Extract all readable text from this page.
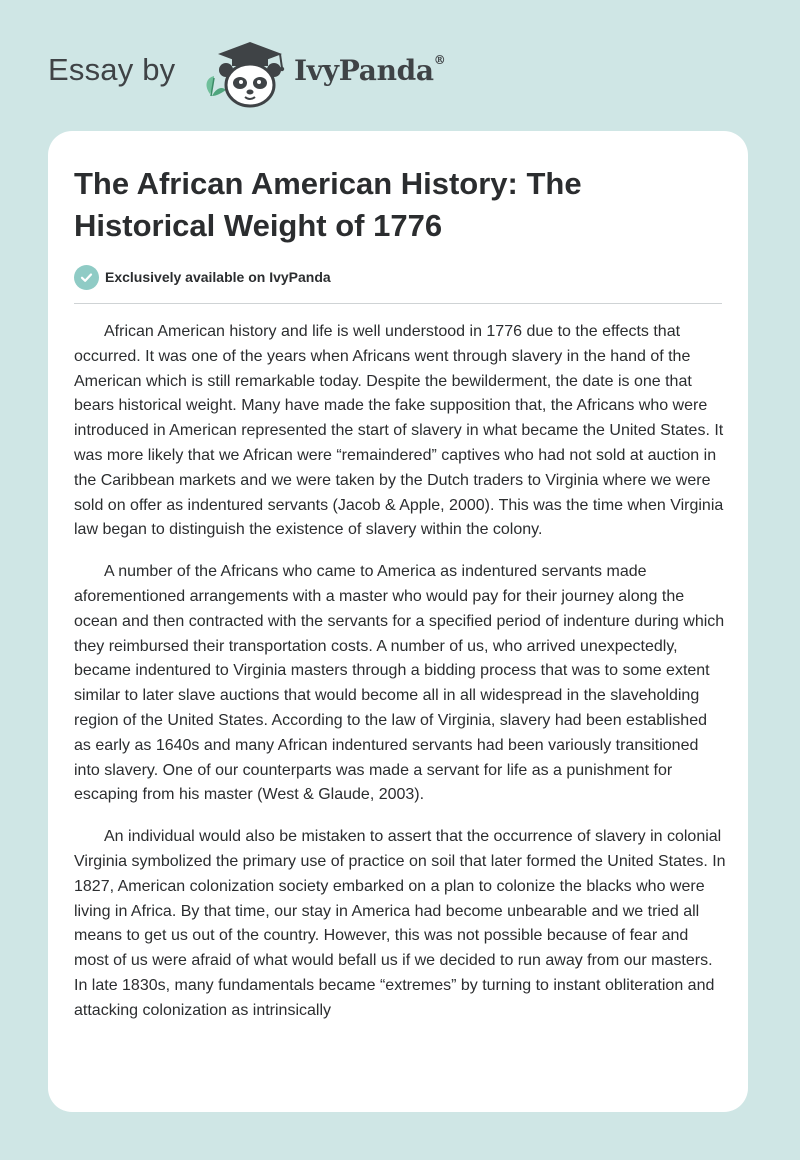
Essay by	IvyPanda®
The African American History: The Historical Weight of 1776
Exclusively available on IvyPanda

African American history and life is well understood in 1776 due to the effects that occurred. It was one of the years when Africans went through slavery in the hand of the American which is still remarkable today. Despite the bewilderment, the date is one that bears historical weight. Many have made the fake supposition that, the Africans who were introduced in American represented the start of slavery in what became the United States. It was more likely that we African were “remaindered” captives who had not sold at auction in the Caribbean markets and we were taken by the Dutch traders to Virginia where we were sold on offer as indentured servants (Jacob & Apple, 2000). This was the time when Virginia law began to distinguish the existence of slavery within the colony.

A number of the Africans who came to America as indentured servants made aforementioned arrangements with a master who would pay for their journey along the ocean and then contracted with the servants for a specified period of indenture during which they reimbursed their transportation costs. A number of us, who arrived unexpectedly, became indentured to Virginia masters through a bidding process that was to some extent similar to later slave auctions that would become all in all widespread in the slaveholding region of the United States. According to the law of Virginia, slavery had been established as early as 1640s and many African indentured servants had been variously transitioned into slavery. One of our counterparts was made a servant for life as a punishment for escaping from his master (West & Glaude, 2003).

An individual would also be mistaken to assert that the occurrence of slavery in colonial Virginia symbolized the primary use of practice on soil that later formed the United States. In 1827, American colonization society embarked on a plan to colonize the blacks who were living in Africa. By that time, our stay in America had become unbearable and we tried all means to get us out of the country. However, this was not possible because of fear and most of us were afraid of what would befall us if we decided to run away from our masters. In late 1830s, many fundamentals became “extremes” by turning to instant obliteration and attacking colonization as intrinsically
